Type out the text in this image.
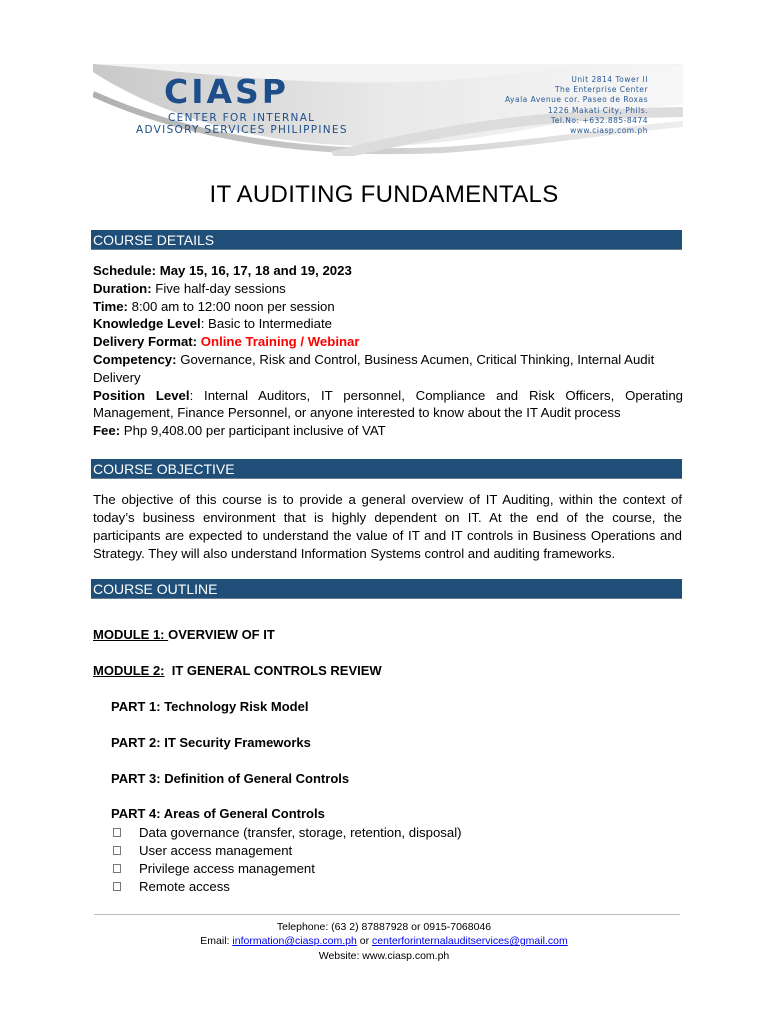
CIASP
CENTER FOR INTERNAL
ADVISORY SERVICES PHILIPPINES
Unit 2814 Tower II
The Enterprise Center
Ayala Avenue cor. Paseo de Roxas
1226 Makati City, Phils.
Tel.No: +632.885-8474
www.ciasp.com.ph
IT AUDITING FUNDAMENTALS
COURSE DETAILS
Schedule: May 15, 16, 17, 18 and 19, 2023
Duration: Five half-day sessions
Time: 8:00 am to 12:00 noon per session
Knowledge Level: Basic to Intermediate
Delivery Format: Online Training / Webinar
Competency: Governance, Risk and Control, Business Acumen, Critical Thinking, Internal Audit Delivery
Position Level: Internal Auditors, IT personnel, Compliance and Risk Officers, Operating Management, Finance Personnel, or anyone interested to know about the IT Audit process
Fee: Php 9,408.00 per participant inclusive of VAT
COURSE OBJECTIVE
The objective of this course is to provide a general overview of IT Auditing, within the context of today’s business environment that is highly dependent on IT. At the end of the course, the participants are expected to understand the value of IT and IT controls in Business Operations and Strategy. They will also understand Information Systems control and auditing frameworks.
COURSE OUTLINE
MODULE 1: OVERVIEW OF IT
MODULE 2: IT GENERAL CONTROLS REVIEW
PART 1: Technology Risk Model
PART 2: IT Security Frameworks
PART 3: Definition of General Controls
PART 4: Areas of General Controls
Data governance (transfer, storage, retention, disposal)
User access management
Privilege access management
Remote access
Telephone: (63 2) 87887928 or 0915-7068046
Email: information@ciasp.com.ph or centerforinternalauditservices@gmail.com
Website: www.ciasp.com.ph
